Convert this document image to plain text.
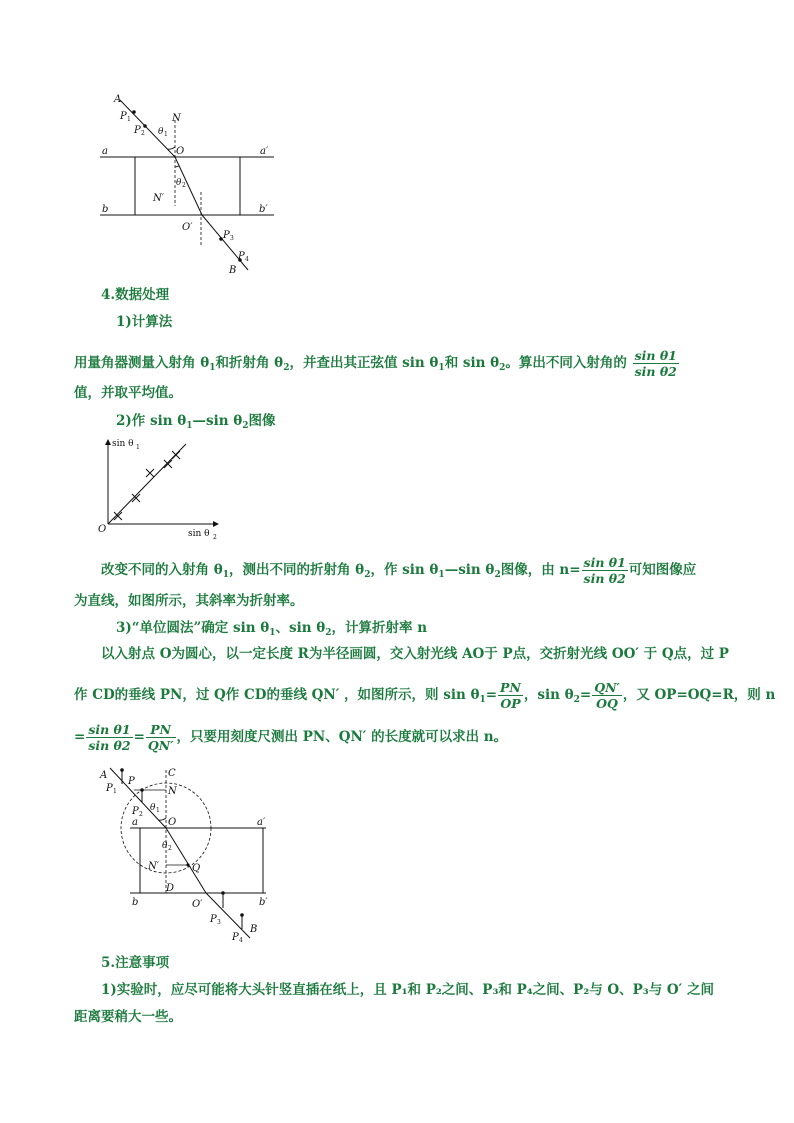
A
P 1
P 2
N
θ 1
O
a	a′
N′
θ 2
b	b′
O′
P 3
P 4
B
4.数据处理
1)计算法
用量角器测量入射角 $\theta_1$和折射角 $\theta_2$，并查出其正弦值 $\sin \theta_1$和 $\sin \theta_2$。算出不同入射角的 $\frac{\text{sin θ1}}{\text{sin θ2}}$
值，并取平均值。
2)作 $\sin \theta_1—\sin$ $\theta_2$图像
sin θ 1
O	sin θ 2
改变不同的入射角 $\theta_1$，测出不同的折射角 $\theta_2$，作 $\sin \theta_1—\sin$ $\theta_2$图像，由 $n= \frac{\text{sin θ1}}{\text{sin θ2}}$ 可知图像应
为直线，如图所示，其斜率为折射率。
3)“单位圆法”确定 $\sin \theta_1$、$\sin \theta_2$，计算折射率 n
以入射点 O为圆心，以一定长度 R为半径画圆，交入射光线 AO于 P点，交折射光线 OO′ 于 Q点，过 P
作 CD的垂线 PN，过 Q作 CD的垂线 QN′ ，如图所示，则 $\sin \theta_1= \frac{PN}{OP}$ ，$\sin \theta_2= \frac{QN'}{OQ}$ ，又 OP=OQ=R，则 n
= $\frac{\text{sin θ1}}{\text{sin θ2}} = \frac{PN}{QN'}$ ，只要用刻度尺测出 PN、QN′ 的长度就可以求出 n。
A
P 1
P
C
N
P 2
θ 1
O
a	a′
θ 2
N′	Q
D
b	O′	b′
P 3
P 4
B
5.注意事项
1)实验时，应尽可能将大头针竖直插在纸上，且 P₁和 P₂之间、P₃和 P₄之间、P₂与 O、P₃与 O′ 之间
距离要稍大一些。
